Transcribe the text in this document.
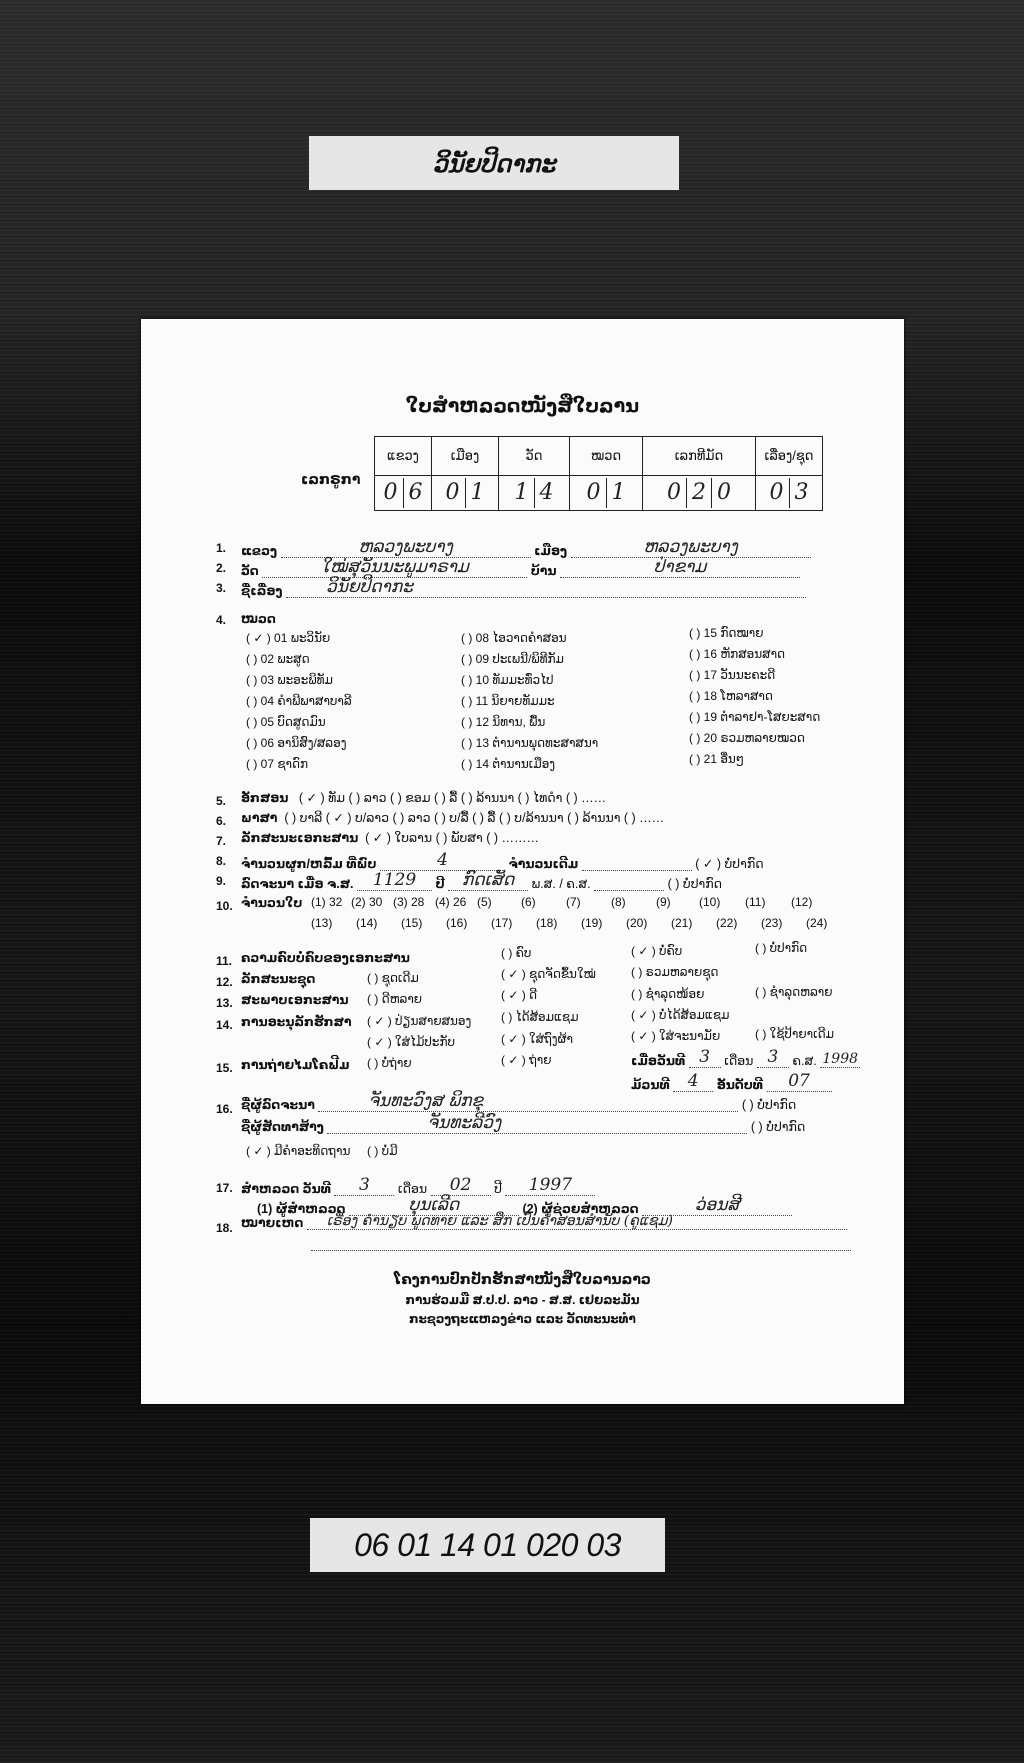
ວິນັຍປິດາກະ
ໃບສຳຫລວດໜັງສືໃບລານ
ເລກຣູກາ
ແຂວງ	ເມືອງ	ວັດ	ໝວດ	ເລກທີມັດ	ເລື່ອງ/ຊຸດ
0 6	0 1	1 4	0 1	0 2 0	0 3
1. ແຂວງ	ຫລວງພະບາງ	ເມືອງ	ຫລວງພະບາງ
2. ວັດ	ໃໝ່ສຸວັນນະພູມາຣາມ	ບ້ານ	ປ່າຂາມ
3. ຊື່ເລື່ອງ	ວິນັຍປິດາກະ
4. ໝວດ
( ✓ ) 01 ພະວິນັຍ
( ) 02 ພະສູດ
( ) 03 ພະອະພິທັມ
( ) 04 ຄຳພີພາສາບາລີ
( ) 05 ບົດສູດມົນ
( ) 06 ອານິສົງ/ສລອງ
( ) 07 ຊາດົກ
( ) 08 ໄອວາດຄຳສອນ
( ) 09 ປະເພນີ/ພິທີກັມ
( ) 10 ທັມມະທົ່ວໄປ
( ) 11 ນິຍາຍທັມມະ
( ) 12 ນິທານ, ພື້ນ
( ) 13 ຕຳນານພຸດທະສາສນາ
( ) 14 ຕຳນານເມືອງ
( ) 15 ກົດໝາຍ
( ) 16 ຫັກສອນສາດ
( ) 17 ວັນນະຄະດີ
( ) 18 ໂຫລາສາດ
( ) 19 ຕຳລາຢາ-ໂສຍະສາດ
( ) 20 ຣວມຫລາຍໝວດ
( ) 21 ອື່ນໆ
5. ອັກສອນ ( ✓ ) ທັມ ( ) ລາວ ( ) ຂອມ ( ) ລື້ ( ) ລ້ານນາ ( ) ໄທດຳ ( ) ……
6. ພາສາ ( ) ບາລີ ( ✓ ) ບ/ລາວ ( ) ລາວ ( ) ບ/ລື້ ( ) ລື້ ( ) ບ/ລ້ານນາ ( ) ລ້ານນາ ( ) ……
7. ລັກສະນະເອກະສານ ( ✓ ) ໃບລານ ( ) ພັບສາ ( ) ………
8. ຈຳນວນຜູກ/ຫລົ້ມ ທີ່ພົບ	4	ຈຳນວນເດີມ	( ✓ ) ບໍ່ປາກົດ
9. ລົດຈະນາ ເມື່ອ ຈ.ສ. 1129 ປີ ກົດເສັດ ພ.ສ. / ຄ.ສ.	( ) ບໍ່ປາກົດ
10. ຈຳນວນໃບ (1) 32 (2) 30 (3) 28 (4) 26 (5) (6)	(7)	(8)	(9) (10) (11) (12)
(13) (14) (15) (16) (17) (18) (19) (20) (21) (22) (23) (24)
11. ຄວາມຄົບບໍ່ຄົບຂອງເອກະສານ	( ) ຄົບ	( ✓ ) ບໍ່ຄົບ	( ) ບໍ່ປາກົດ
12. ລັກສະນະຊຸດ	( ) ຊຸດເດີມ	( ✓ ) ຊຸດຈັດຂຶ້ນໃໝ່	( ) ຣວມຫລາຍຊຸດ
13. ສະພາບເອກະສານ ( ) ດີຫລາຍ	( ✓ ) ດີ	( ) ຊຳລຸດໜ້ອຍ	( ) ຊຳລຸດຫລາຍ
14. ການອະນຸລັກຮັກສາ ( ✓ ) ປ່ຽນສາຍສນອງ ( ) ໄດ້ສ້ອມແຊມ	( ✓ ) ບໍ່ໄດ້ສ້ອມແຊມ
( ✓ ) ໃສ່ໄມ້ປະກັບ	( ✓ ) ໃສ່ຖົງຜ້າ	( ✓ ) ໃສ່ຈະນາມັຍ	( ) ໃຊ້ປ້າຍາເດີມ
15. ການຖ່າຍໄມໂຄຟີມ ( ) ບໍ່ຖ່າຍ	( ✓ ) ຖ່າຍ	ເມື່ອວັນທີ 3 ເດືອນ 3 ຄ.ສ. 1998
ມ້ວນທີ 4 ອັນດັບທີ 07
16. ຊື່ຜູ້ລົດຈະນາ	ຈັນທະວົງສ ພິກຂຸ	( ) ບໍ່ປາກົດ
ຊື່ຜູ້ສັດທາສ້າງ	ຈັນທະລີວົງ	( ) ບໍ່ປາກົດ
( ✓ ) ມີຄຳອະທິດຖານ ( ) ບໍ່ມີ
17. ສຳຫລວດ ວັນທີ 3 ເດືອນ 02 ປີ 1997
(1) ຜູ້ສຳຫລວດ	ບຸນເລີດ	(2) ຜູ້ຊ່ວຍສຳຫລວດ	ວ່ອນສີ
18. ໝາຍເຫດ ເຣື່ອງ ຄຳນຽບ ພູດທາຍ ແລະ ສຶກ ເປັນຄຳສອນສຳນັບ (ຄູແຊມ)
ໂຄງການປົກປັກຮັກສາໜັງສືໃບລານລາວ
ການຮ່ວມມື ສ.ປ.ປ. ລາວ - ສ.ສ. ເຢຍລະມັນ
ກະຊວງຖະແຫລງຂ່າວ ແລະ ວັດທະນະທຳ
06 01 14 01 020 03
